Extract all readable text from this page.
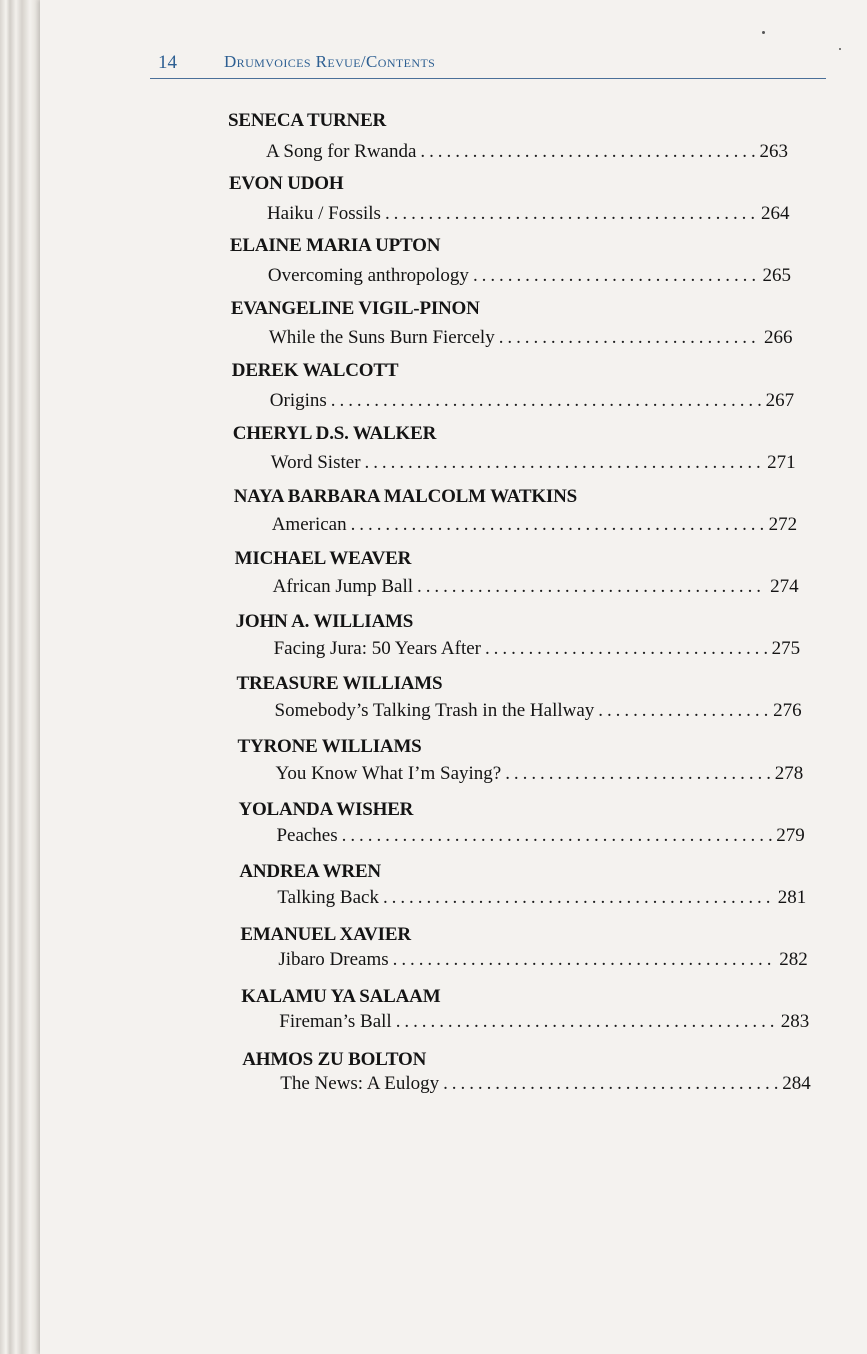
14	Drumvoices Revue/Contents
SENECA TURNER
A Song for Rwanda . . .	263
EVON UDOH
Haiku / Fossils . . .	264
ELAINE MARIA UPTON
Overcoming anthropology . . .	265
EVANGELINE VIGIL-PINON
While the Suns Burn Fiercely . . .	266
DEREK WALCOTT
Origins . . .	267
CHERYL D.S. WALKER
Word Sister . . .	271
NAYA BARBARA MALCOLM WATKINS
American . . .	272
MICHAEL WEAVER
African Jump Ball . . .	274
JOHN A. WILLIAMS
Facing Jura: 50 Years After . . .	275
TREASURE WILLIAMS
Somebody’s Talking Trash in the Hallway . . .	276
TYRONE WILLIAMS
You Know What I’m Saying? . . .	278
YOLANDA WISHER
Peaches . . .	279
ANDREA WREN
Talking Back . . .	281
EMANUEL XAVIER
Jibaro Dreams . . .	282
KALAMU YA SALAAM
Fireman’s Ball . . .	283
AHMOS ZU BOLTON
The News: A Eulogy . . .	284
